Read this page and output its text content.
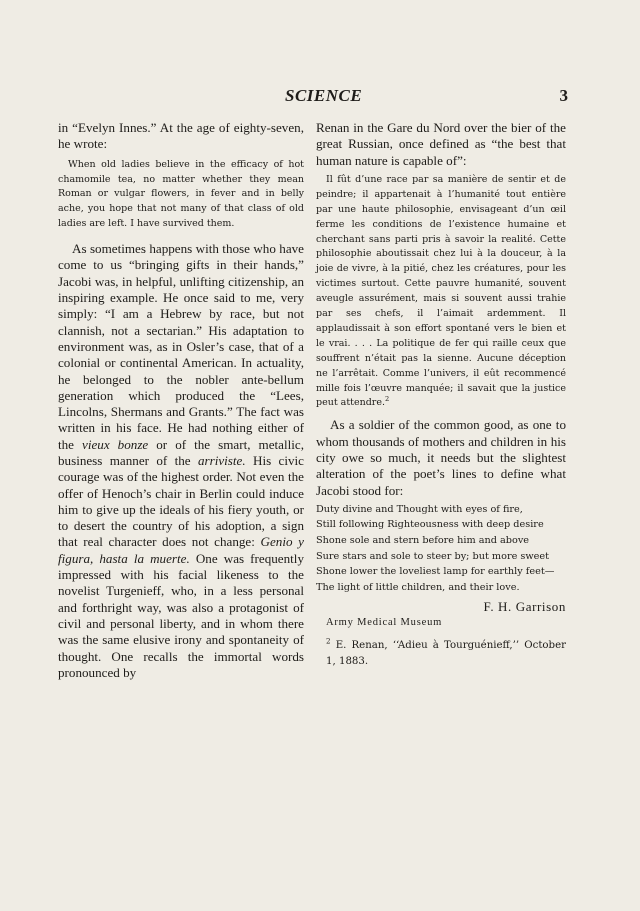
SCIENCE	3

in “Evelyn Innes.” At the age of eighty-seven, he wrote:

When old ladies believe in the efficacy of hot chamomile tea, no matter whether they mean Roman or vulgar flowers, in fever and in belly ache, you hope that not many of that class of old ladies are left. I have survived them.

As sometimes happens with those who have come to us “bringing gifts in their hands,” Jacobi was, in helpful, unlifting citizenship, an inspiring example. He once said to me, very simply: “I am a Hebrew by race, but not clannish, not a sectarian.” His adaptation to environment was, as in Osler’s case, that of a colonial or continental American. In actuality, he belonged to the nobler ante-bellum generation which produced the “Lees, Lincolns, Shermans and Grants.” The fact was written in his face. He had nothing either of the vieux bonze or of the smart, metallic, business manner of the arriviste. His civic courage was of the highest order. Not even the offer of Henoch’s chair in Berlin could induce him to give up the ideals of his fiery youth, or to desert the country of his adoption, a sign that real character does not change: Genio y figura, hasta la muerte. One was frequently impressed with his facial likeness to the novelist Turgenieff, who, in a less personal and forthright way, was also a protagonist of civil and personal liberty, and in whom there was the same elusive irony and spontaneity of thought. One recalls the immortal words pronounced by

Renan in the Gare du Nord over the bier of the great Russian, once defined as “the best that human nature is capable of”:

Il fût d’une race par sa manière de sentir et de peindre; il appartenait à l’humanité tout entière par une haute philosophie, envisageant d’un œil ferme les conditions de l’existence humaine et cherchant sans parti pris à savoir la realité. Cette philosophie aboutissait chez lui à la douceur, à la joie de vivre, à la pitié, chez les créatures, pour les victimes surtout. Cette pauvre humanité, souvent aveugle assurément, mais si souvent aussi trahie par ses chefs, il l’aimait ardemment. Il applaudissait à son effort spontané vers le bien et le vrai. . . . La politique de fer qui raille ceux que souffrent n’était pas la sienne. Aucune déception ne l’arrêtait. Comme l’univers, il eût recommencé mille fois l’œuvre manquée; il savait que la justice peut attendre.$^2$

As a soldier of the common good, as one to whom thousands of mothers and children in his city owe so much, it needs but the slightest alteration of the poet’s lines to define what Jacobi stood for:

Duty divine and Thought with eyes of fire,
Still following Righteousness with deep desire
Shone sole and stern before him and above
Sure stars and sole to steer by; but more sweet
Shone lower the loveliest lamp for earthly feet—
The light of little children, and their love.
F. H. Garrison
Army Medical Museum

$^2$ E. Renan, ‘‘Adieu à Tourguénieff,’’ October 1, 1883.
